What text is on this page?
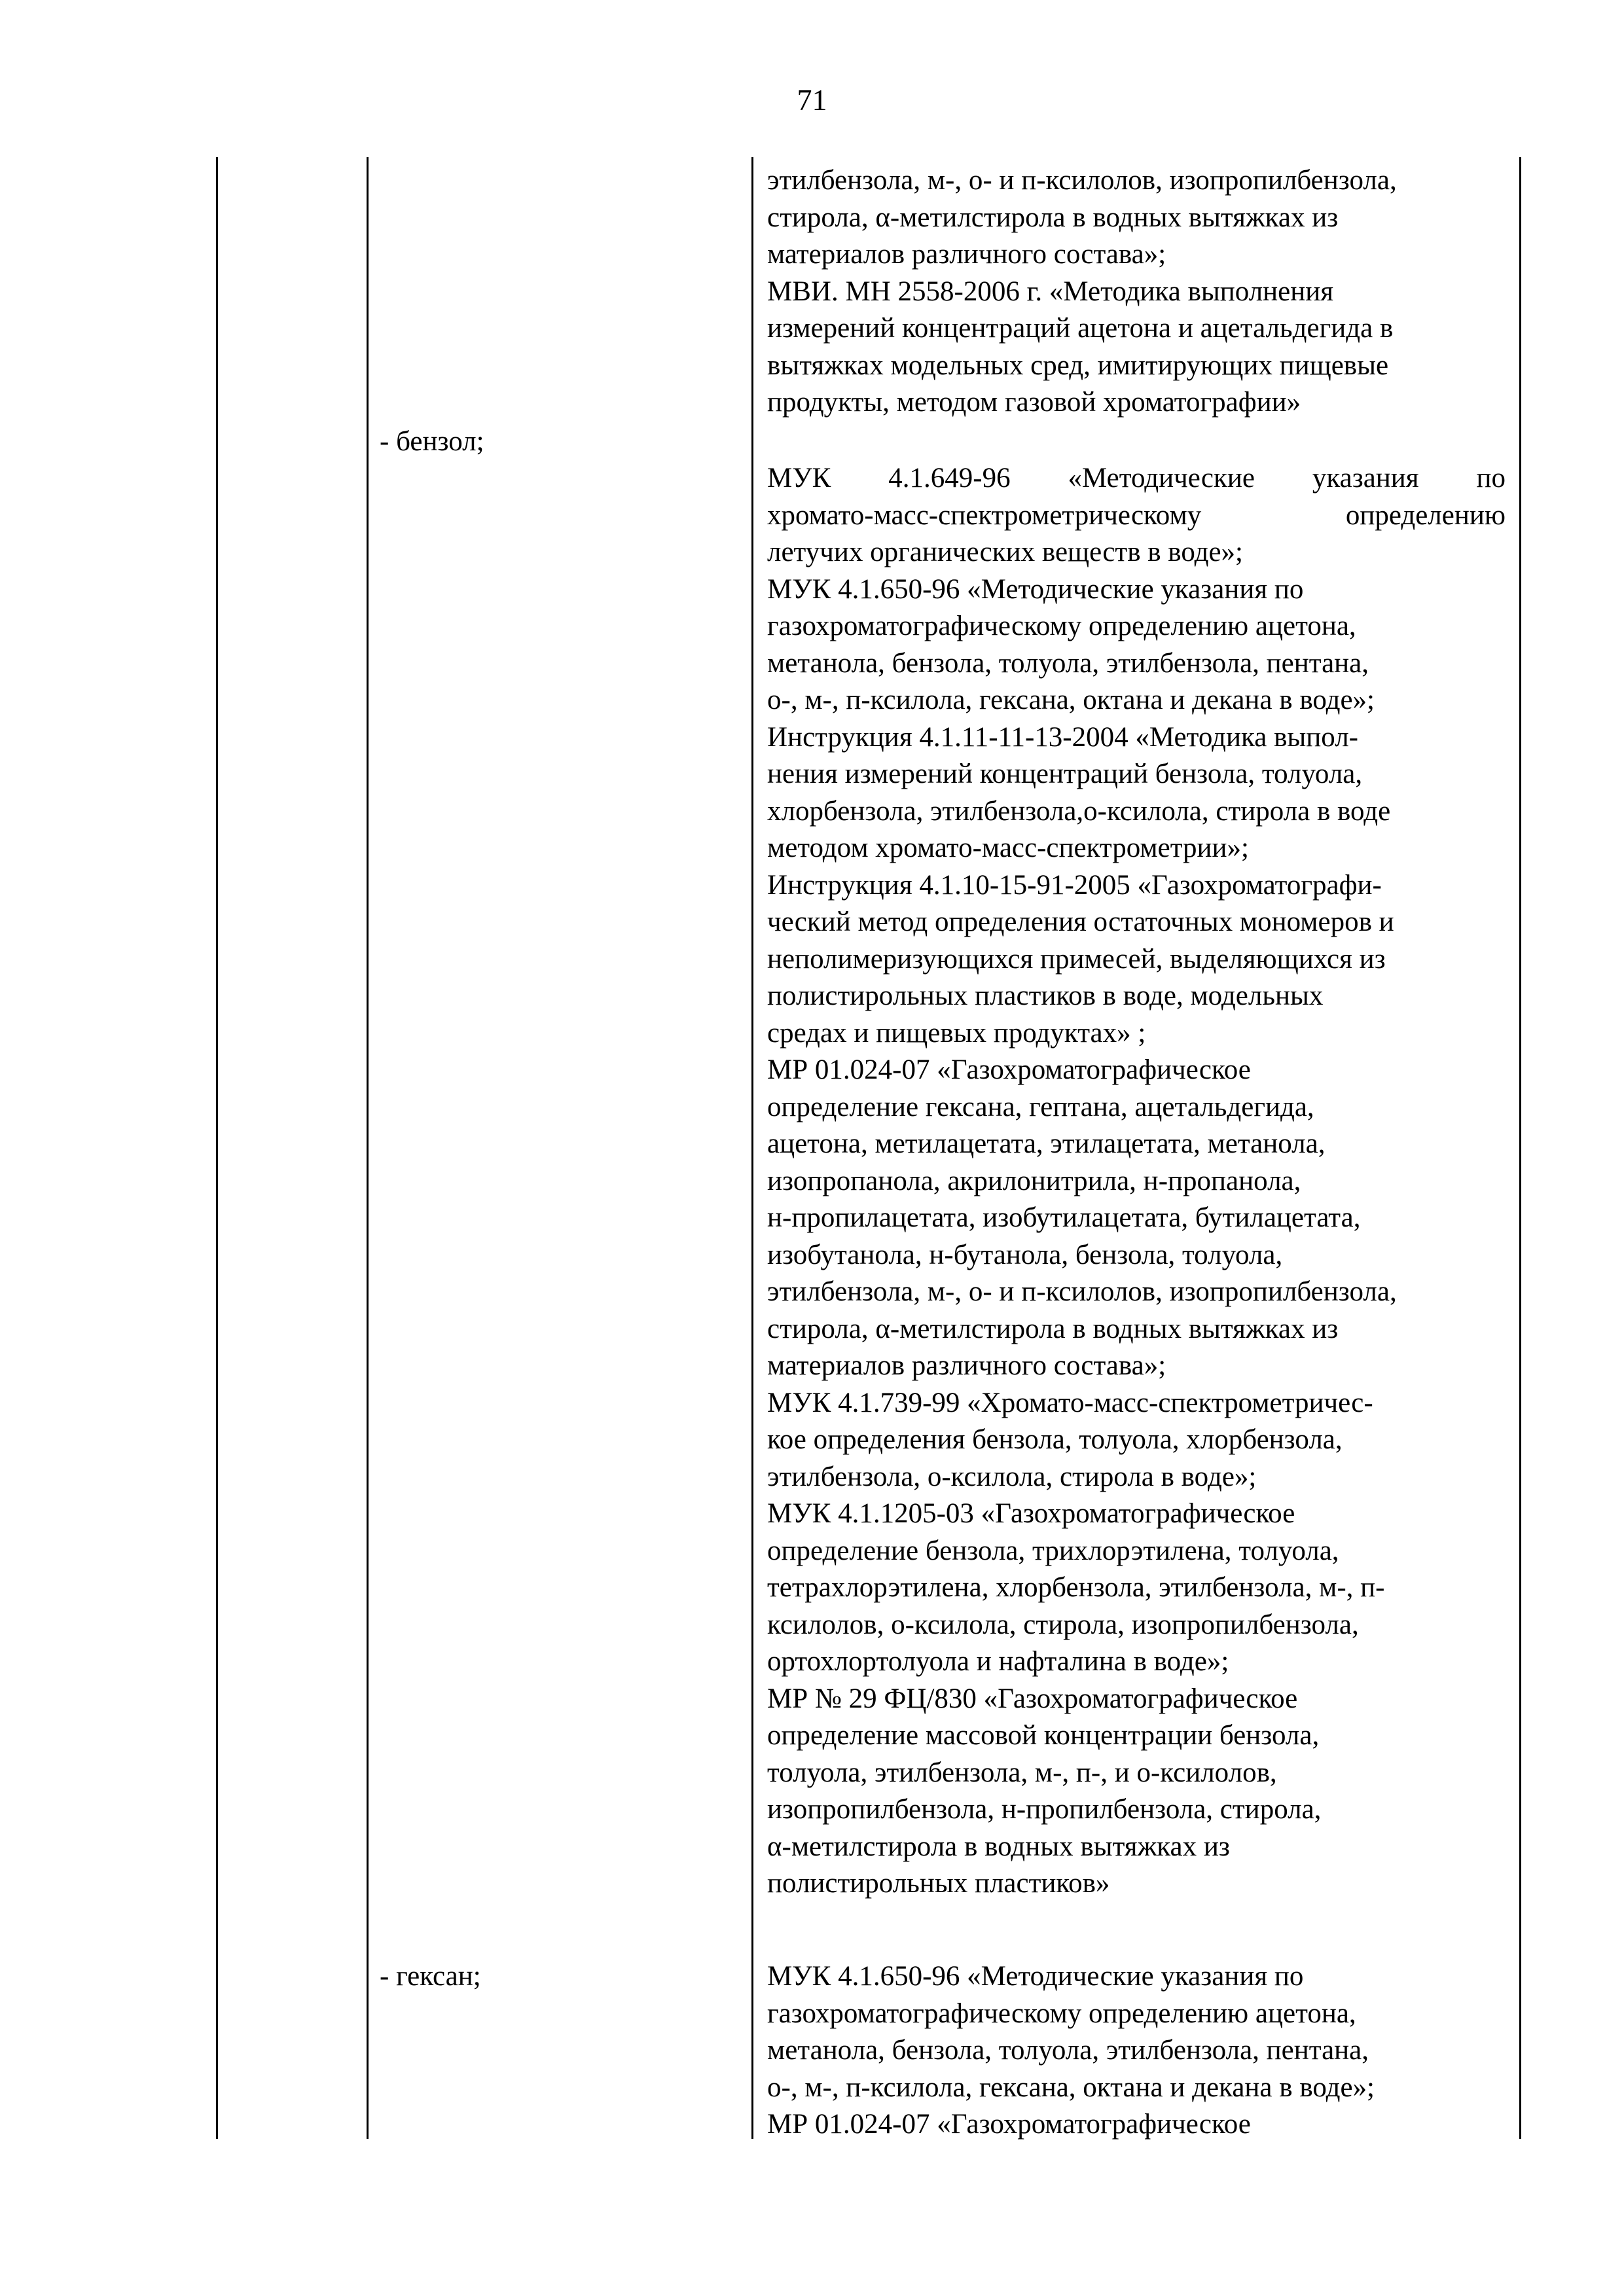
71

этилбензола, м-, о- и п-ксилолов, изопропилбензола,
стирола, α-метилстирола в водных вытяжках из
материалов различного состава»;

МВИ. МН 2558-2006 г. «Методика выполнения
измерений концентраций ацетона и ацетальдегида в
вытяжках модельных сред, имитирующих пищевые
продукты, методом газовой хроматографии»

- бензол;

МУК 4.1.649-96 «Методические указания по
хромато-масс-спектрометрическому определению
летучих органических веществ в воде»;

МУК 4.1.650-96 «Методические указания по
газохроматографическому определению ацетона,
метанола, бензола, толуола, этилбензола, пентана,
о-, м-, п-ксилола, гексана, октана и декана в воде»;

Инструкция 4.1.11-11-13-2004 «Методика выпол-
нения измерений концентраций бензола, толуола,
хлорбензола, этилбензола,о-ксилола, стирола в воде
методом хромато-масс-спектрометрии»;

Инструкция 4.1.10-15-91-2005 «Газохроматографи-
ческий метод определения остаточных мономеров и
неполимеризующихся примесей, выделяющихся из
полистирольных пластиков в воде, модельных
средах и пищевых продуктах» ;

МР 01.024-07 «Газохроматографическое
определение гексана, гептана, ацетальдегида,
ацетона, метилацетата, этилацетата, метанола,
изопропанола, акрилонитрила, н-пропанола,
н-пропилацетата, изобутилацетата, бутилацетата,
изобутанола, н-бутанола, бензола, толуола,
этилбензола, м-, о- и п-ксилолов, изопропилбензола,
стирола, α-метилстирола в водных вытяжках из
материалов различного состава»;

МУК 4.1.739-99 «Хромато-масс-спектрометричес-
кое определения бензола, толуола, хлорбензола,
этилбензола, о-ксилола, стирола в воде»;

МУК 4.1.1205-03 «Газохроматографическое
определение бензола, трихлорэтилена, толуола,
тетрахлорэтилена, хлорбензола, этилбензола, м-, п-
ксилолов, о-ксилола, стирола, изопропилбензола,
ортохлортолуола и нафталина в воде»;

МР № 29 ФЦ/830 «Газохроматографическое
определение массовой концентрации бензола,
толуола, этилбензола, м-, п-, и о-ксилолов,
изопропилбензола, н-пропилбензола, стирола,
α-метилстирола в водных вытяжках из
полистирольных пластиков»

- гексан;	МУК 4.1.650-96 «Методические указания по
газохроматографическому определению ацетона,
метанола, бензола, толуола, этилбензола, пентана,
о-, м-, п-ксилола, гексана, октана и декана в воде»;

МР 01.024-07 «Газохроматографическое
